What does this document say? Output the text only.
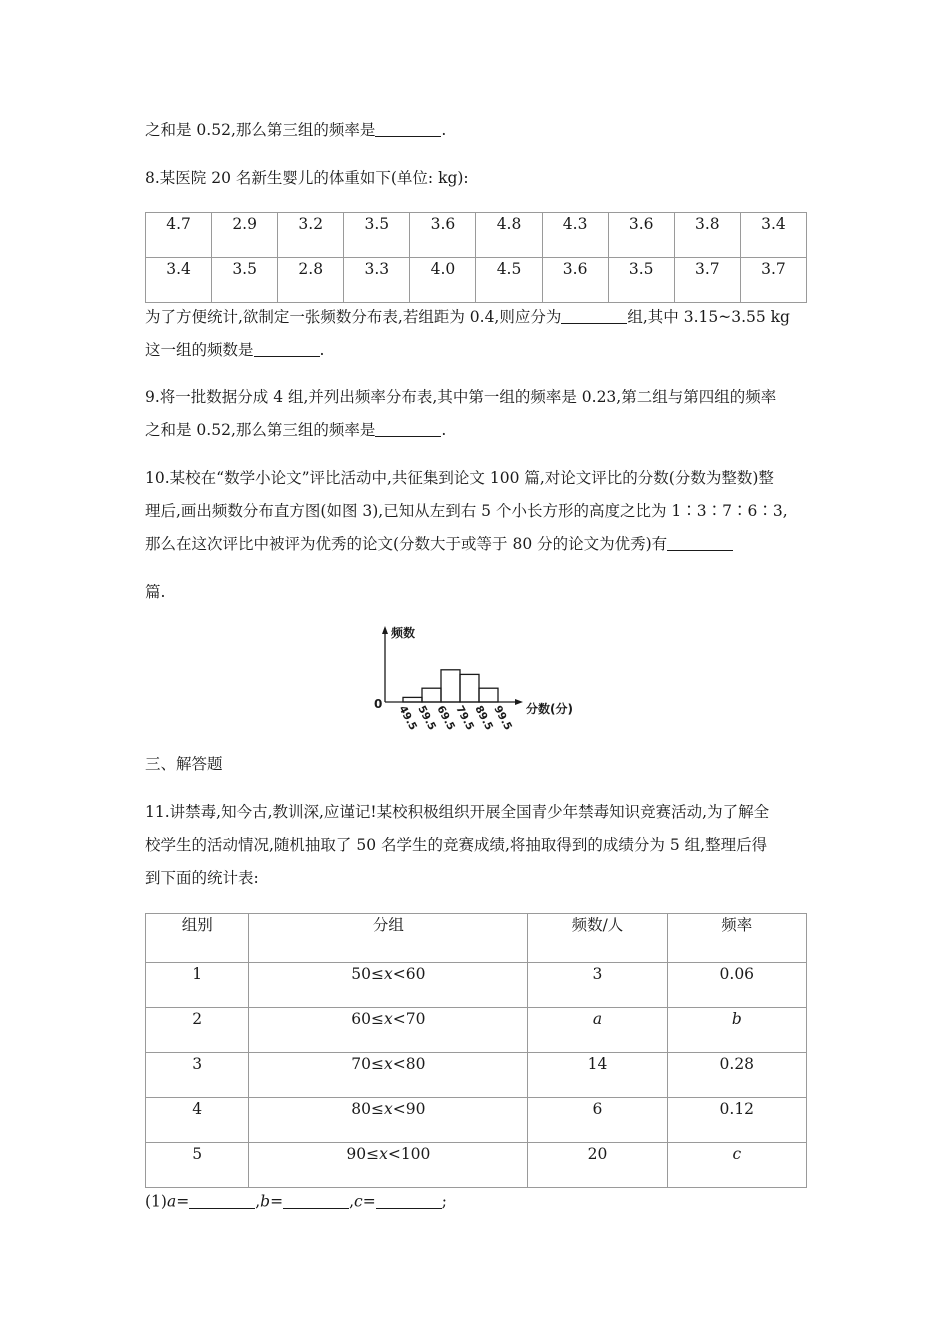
之和是 0.52,那么第三组的频率是	.
8.某医院 20 名新生婴儿的体重如下(单位: kg):
4.7	2.9	3.2	3.5	3.6	4.8	4.3	3.6	3.8	3.4
3.4	3.5	2.8	3.3	4.0	4.5	3.6	3.5	3.7	3.7
为了方便统计,欲制定一张频数分布表,若组距为 0.4,则应分为	组,其中 3.15~3.55 kg
这一组的频数是	.
9.将一批数据分成 4 组,并列出频率分布表,其中第一组的频率是 0.23,第二组与第四组的频率
之和是 0.52,那么第三组的频率是	.
10.某校在“数学小论文”评比活动中,共征集到论文 100 篇,对论文评比的分数(分数为整数)整
理后,画出频数分布直方图(如图 3),已知从左到右 5 个小长方形的高度之比为 1∶3∶7∶6∶3,
那么在这次评比中被评为优秀的论文(分数大于或等于 80 分的论文为优秀)有
篇.
频数
0	分数(分)
49.5
59.5
69.5
79.5
89.5
99.5
三、解答题
11.讲禁毒,知今古,教训深,应谨记!某校积极组织开展全国青少年禁毒知识竞赛活动,为了解全
校学生的活动情况,随机抽取了 50 名学生的竞赛成绩,将抽取得到的成绩分为 5 组,整理后得
到下面的统计表:
组别	分组	频数/人	频率
1	50≤x<60	3	0.06
2	60≤x<70	a	b
3	70≤x<80	14	0.28
4	80≤x<90	6	0.12
5	90≤x<100	20	c
(1)a=	,b=	,c=	;
